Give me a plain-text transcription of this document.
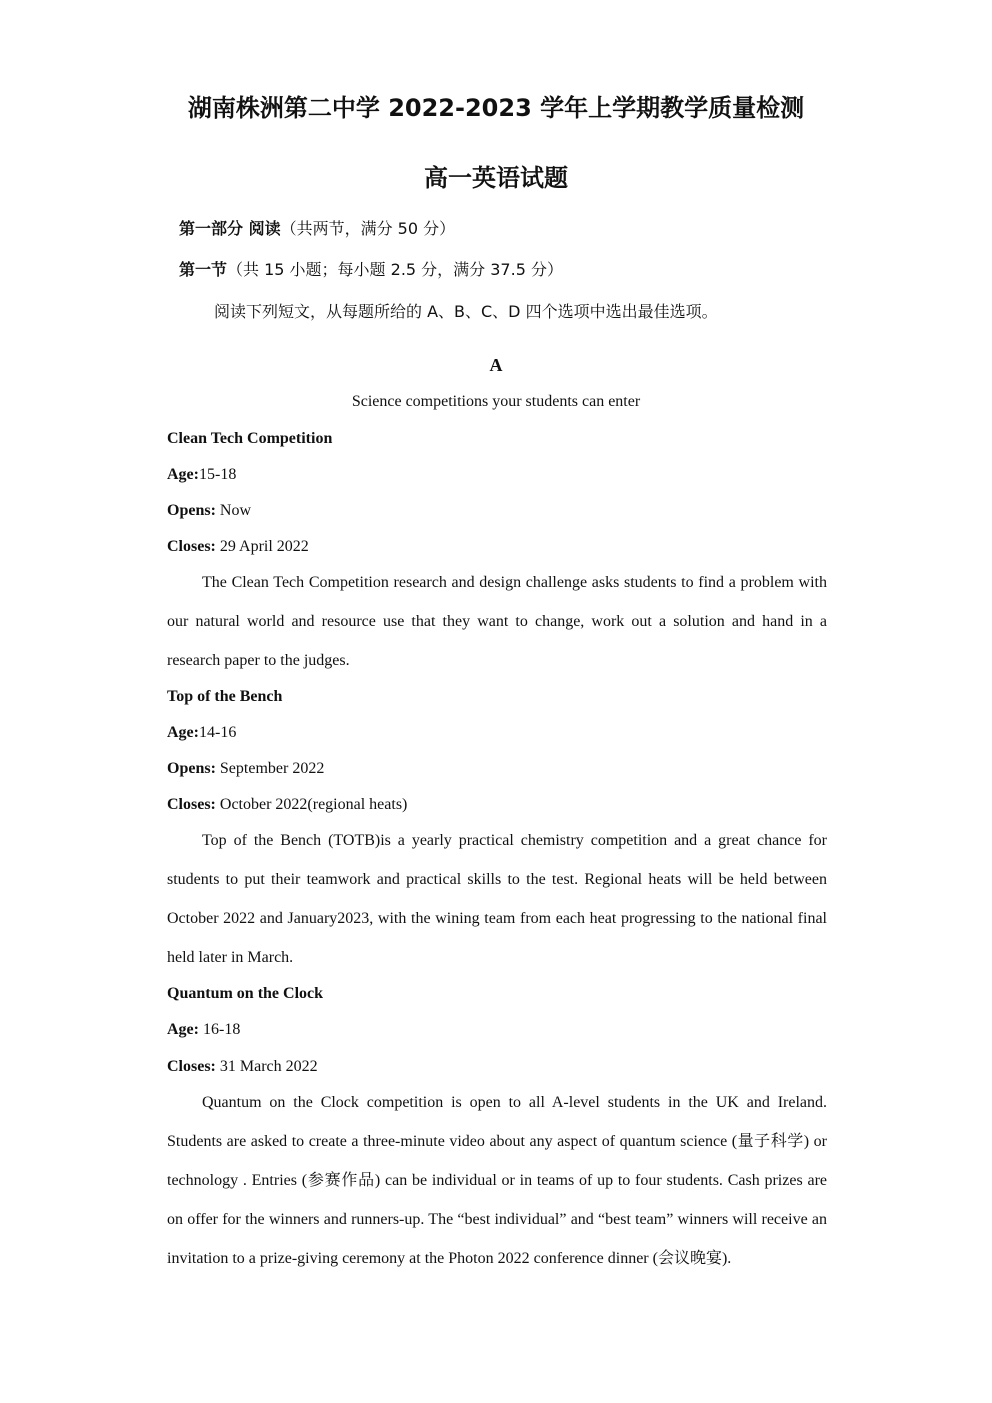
湖南株洲第二中学 2022-2023 学年上学期教学质量检测
高一英语试题
第一部分 阅读（共两节，满分 50 分）
第一节（共 15 小题；每小题 2.5 分，满分 37.5 分）
阅读下列短文，从每题所给的 A、B、C、D 四个选项中选出最佳选项。
A
Science competitions your students can enter
Clean Tech Competition
Age:15-18
Opens: Now
Closes: 29 April 2022
The Clean Tech Competition research and design challenge asks students to find a problem with our natural world and resource use that they want to change, work out a solution and hand in a research paper to the judges.
Top of the Bench
Age:14-16
Opens: September 2022
Closes: October 2022(regional heats)
Top of the Bench (TOTB)is a yearly practical chemistry competition and a great chance for students to put their teamwork and practical skills to the test. Regional heats will be held between October 2022 and January2023, with the wining team from each heat progressing to the national final held later in March.
Quantum on the Clock
Age: 16-18
Closes: 31 March 2022
Quantum on the Clock competition is open to all A-level students in the UK and Ireland. Students are asked to create a three-minute video about any aspect of quantum science (量子科学) or technology . Entries (参赛作品) can be individual or in teams of up to four students. Cash prizes are on offer for the winners and runners-up. The “best individual” and “best team” winners will receive an invitation to a prize-giving ceremony at the Photon 2022 conference dinner (会议晚宴).
